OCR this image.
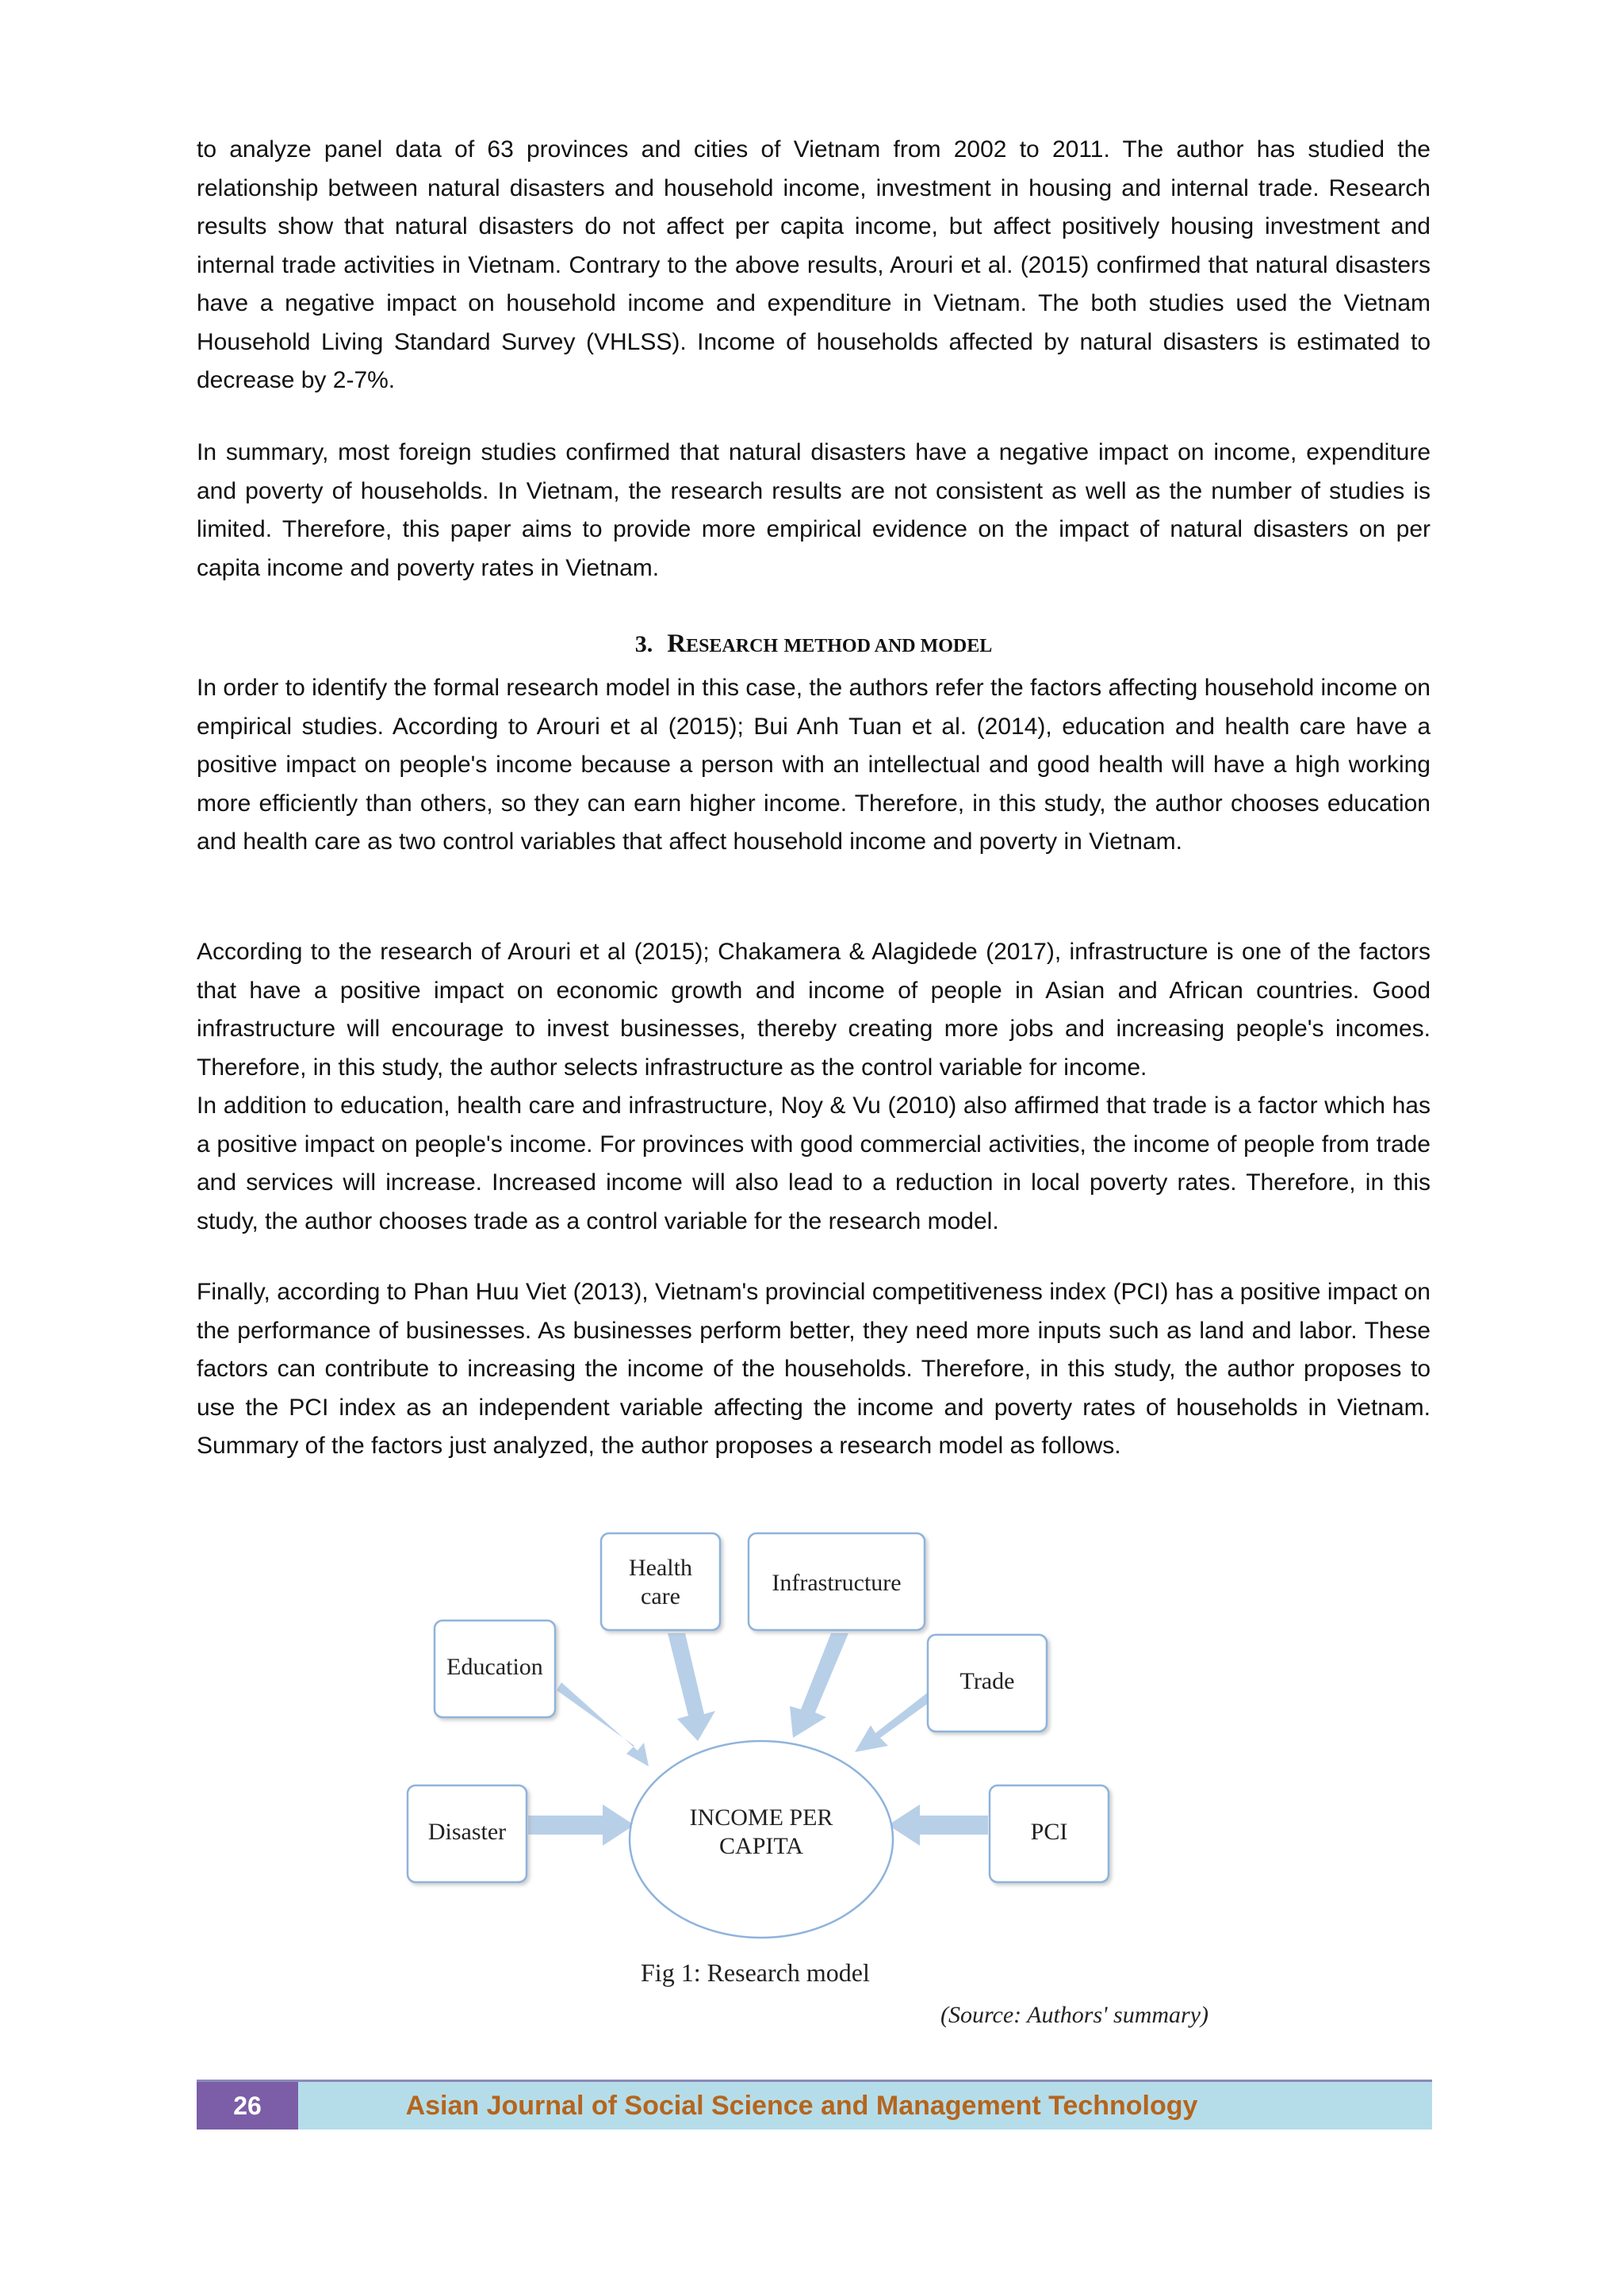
to analyze panel data of 63 provinces and cities of Vietnam from 2002 to 2011. The author has studied the relationship between natural disasters and household income, investment in housing and internal trade. Research results show that natural disasters do not affect per capita income, but affect positively housing investment and internal trade activities in Vietnam. Contrary to the above results, Arouri et al. (2015) confirmed that natural disasters have a negative impact on household income and expenditure in Vietnam. The both studies used the Vietnam Household Living Standard Survey (VHLSS). Income of households affected by natural disasters is estimated to decrease by 2-7%.

In summary, most foreign studies confirmed that natural disasters have a negative impact on income, expenditure and poverty of households. In Vietnam, the research results are not consistent as well as the number of studies is limited. Therefore, this paper aims to provide more empirical evidence on the impact of natural disasters on per capita income and poverty rates in Vietnam.

3. RESEARCH METHOD AND MODEL

In order to identify the formal research model in this case, the authors refer the factors affecting household income on empirical studies. According to Arouri et al (2015); Bui Anh Tuan et al. (2014), education and health care have a positive impact on people's income because a person with an intellectual and good health will have a high working more efficiently than others, so they can earn higher income. Therefore, in this study, the author chooses education and health care as two control variables that affect household income and poverty in Vietnam.

According to the research of Arouri et al (2015); Chakamera & Alagidede (2017), infrastructure is one of the factors that have a positive impact on economic growth and income of people in Asian and African countries. Good infrastructure will encourage to invest businesses, thereby creating more jobs and increasing people's incomes. Therefore, in this study, the author selects infrastructure as the control variable for income.

In addition to education, health care and infrastructure, Noy & Vu (2010) also affirmed that trade is a factor which has a positive impact on people's income. For provinces with good commercial activities, the income of people from trade and services will increase. Increased income will also lead to a reduction in local poverty rates. Therefore, in this study, the author chooses trade as a control variable for the research model.

Finally, according to Phan Huu Viet (2013), Vietnam's provincial competitiveness index (PCI) has a positive impact on the performance of businesses. As businesses perform better, they need more inputs such as land and labor. These factors can contribute to increasing the income of the households. Therefore, in this study, the author proposes to use the PCI index as an independent variable affecting the income and poverty rates of households in Vietnam. Summary of the factors just analyzed, the author proposes a research model as follows.

INCOME PER
CAPITA
Health
care
Infrastructure
Education
Trade
Disaster	PCI

Fig 1: Research model

(Source: Authors' summary)

26	Asian Journal of Social Science and Management Technology
